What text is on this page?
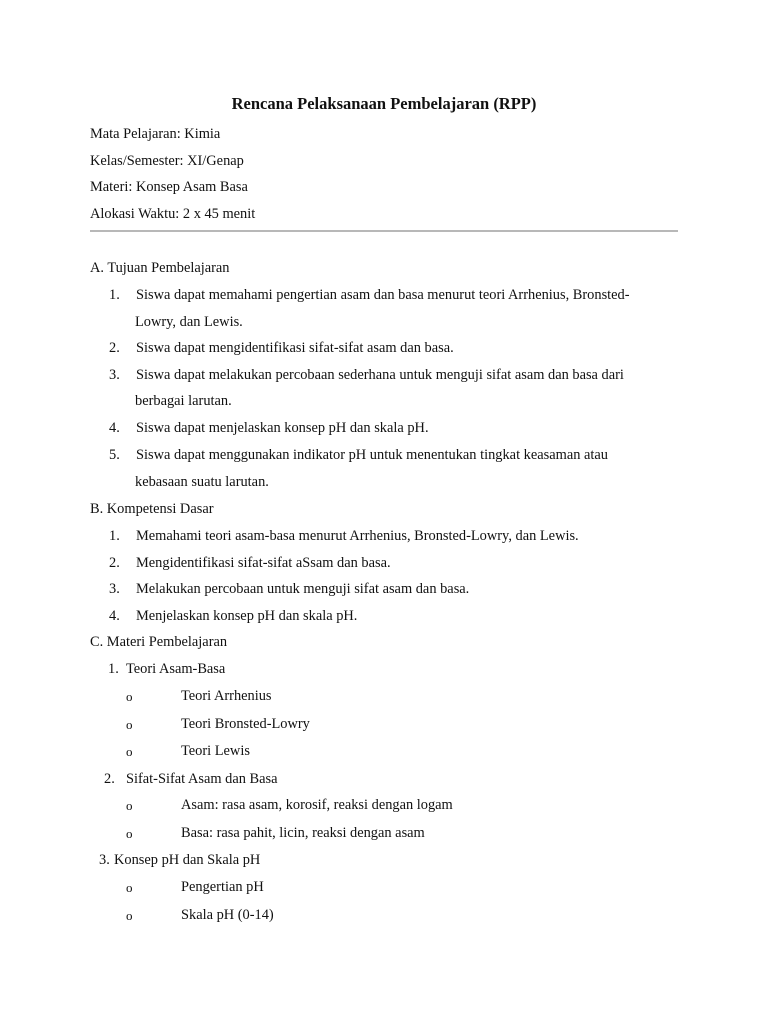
Rencana Pelaksanaan Pembelajaran (RPP)
Mata Pelajaran: Kimia
Kelas/Semester: XI/Genap
Materi: Konsep Asam Basa
Alokasi Waktu: 2 x 45 menit
A. Tujuan Pembelajaran
1. Siswa dapat memahami pengertian asam dan basa menurut teori Arrhenius, Bronsted-
Lowry, dan Lewis.
2. Siswa dapat mengidentifikasi sifat-sifat asam dan basa.
3. Siswa dapat melakukan percobaan sederhana untuk menguji sifat asam dan basa dari
berbagai larutan.
4. Siswa dapat menjelaskan konsep pH dan skala pH.
5. Siswa dapat menggunakan indikator pH untuk menentukan tingkat keasaman atau
kebasaan suatu larutan.
B. Kompetensi Dasar
1. Memahami teori asam-basa menurut Arrhenius, Bronsted-Lowry, dan Lewis.
2. Mengidentifikasi sifat-sifat aSsam dan basa.
3. Melakukan percobaan untuk menguji sifat asam dan basa.
4. Menjelaskan konsep pH dan skala pH.
C. Materi Pembelajaran
1. Teori Asam-Basa
o	Teori Arrhenius
o	Teori Bronsted-Lowry
o	Teori Lewis
2. Sifat-Sifat Asam dan Basa
o	Asam: rasa asam, korosif, reaksi dengan logam
o	Basa: rasa pahit, licin, reaksi dengan asam
3. Konsep pH dan Skala pH
o	Pengertian pH
o	Skala pH (0-14)
